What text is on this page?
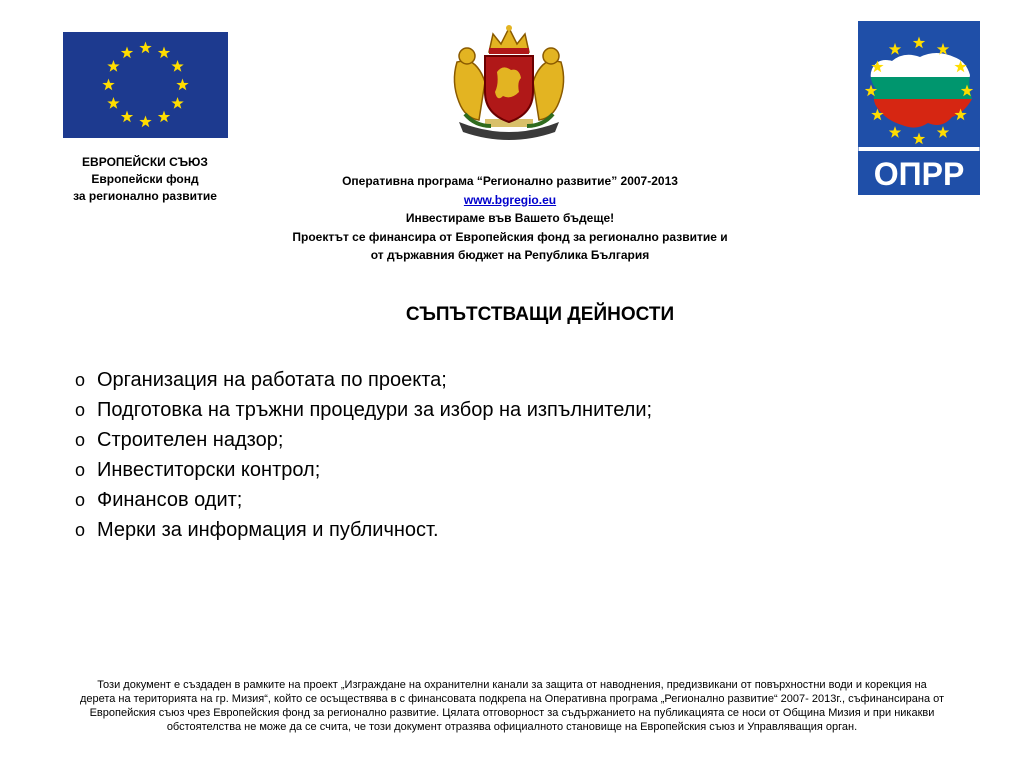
ОПРР
ЕВРОПЕЙСКИ СЪЮЗ
Европейски фонд
за регионално развитие
Оперативна програма “Регионално развитие” 2007-2013
www.bgregio.eu
Инвестираме във Вашето бъдеще!
Проектът се финансира от Европейския фонд за регионално развитие и
от държавния бюджет на Република България
СЪПЪТСТВАЩИ ДЕЙНОСТИ
o Организация на работата по проекта;
o Подготовка на тръжни процедури за избор на изпълнители;
o Строителен надзор;
o Инвеститорски контрол;
o Финансов одит;
o Мерки за информация и публичност.
Този документ е създаден в рамките на проект „Изграждане на охранителни канали за защита от наводнения, предизвикани от повърхностни води и корекция на
дерета на територията на гр. Мизия“, който се осъществява в с финансовата подкрепа на Оперативна програма „Регионално развитие“ 2007- 2013г., съфинансирана от
Европейския съюз чрез Европейския фонд за регионално развитие. Цялата отговорност за съдържанието на публикацията се носи от Община Мизия и при никакви
обстоятелства не може да се счита, че този документ отразява официалното становище на Европейския съюз и Управляващия орган.
